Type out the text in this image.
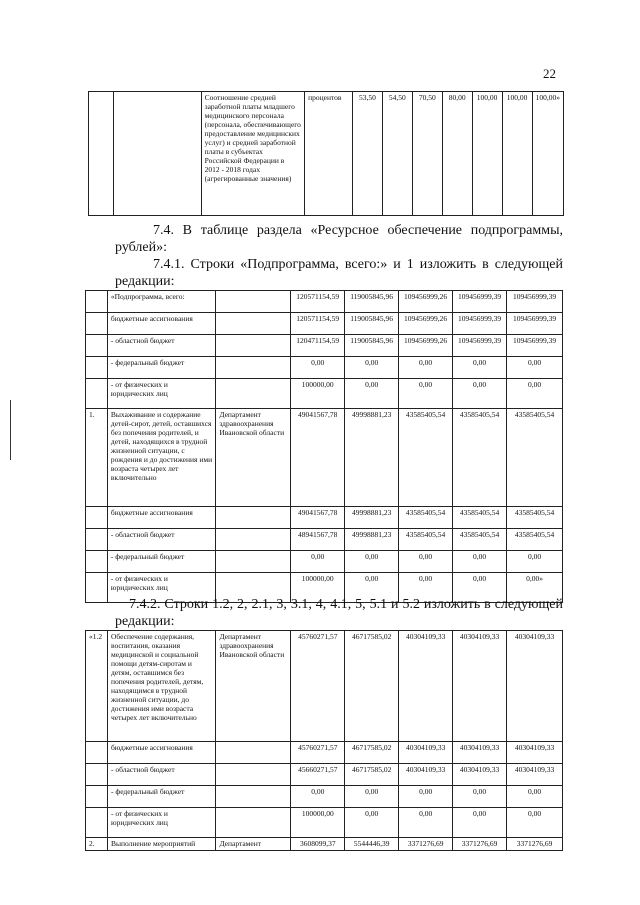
22
		Соотношение средней заработной платы младшего медицинского персонала (персонала, обеспечивающего предоставление медицинских услуг) и средней заработной платы в субъектах Российской Федерации в 2012 - 2018 годах (агрегированные значения)	процентов	53,50	54,50	70,50	80,00	100,00	100,00	100,00»
7.4. В таблице раздела «Ресурсное обеспечение подпрограммы, рублей»:
7.4.1. Строки «Подпрограмма, всего:» и 1 изложить в следующей редакции:
	«Подпрограмма, всего:		120571154,59	119005845,96	109456999,26	109456999,39	109456999,39
	бюджетные ассигнования		120571154,59	119005845,96	109456999,26	109456999,39	109456999,39
	- областной бюджет		120471154,59	119005845,96	109456999,26	109456999,39	109456999,39
	- федеральный бюджет		0,00	0,00	0,00	0,00	0,00
	- от физических и юридических лиц		100000,00	0,00	0,00	0,00	0,00
1.	Выхаживание и содержание детей-сирот, детей, оставшихся без попечения родителей, и детей, находящихся в трудной жизненной ситуации, с рождения и до достижения ими возраста четырех лет включительно	Департамент здравоохранения Ивановской области	49041567,78	49998881,23	43585405,54	43585405,54	43585405,54
	бюджетные ассигнования		49041567,78	49998881,23	43585405,54	43585405,54	43585405,54
	- областной бюджет		48941567,78	49998881,23	43585405,54	43585405,54	43585405,54
	- федеральный бюджет		0,00	0,00	0,00	0,00	0,00
	- от физических и юридических лиц		100000,00	0,00	0,00	0,00	0,00»
7.4.2. Строки 1.2, 2, 2.1, 3, 3.1, 4, 4.1, 5, 5.1 и 5.2 изложить в следующей редакции:
«1.2	Обеспечение содержания, воспитания, оказания медицинской и социальной помощи детям-сиротам и детям, оставшимся без попечения родителей, детям, находящимся в трудной жизненной ситуации, до достижения ими возраста четырех лет включительно	Департамент здравоохранения Ивановской области	45760271,57	46717585,02	40304109,33	40304109,33	40304109,33
	бюджетные ассигнования		45760271,57	46717585,02	40304109,33	40304109,33	40304109,33
	- областной бюджет		45660271,57	46717585,02	40304109,33	40304109,33	40304109,33
	- федеральный бюджет		0,00	0,00	0,00	0,00	0,00
	- от физических и юридических лиц		100000,00	0,00	0,00	0,00	0,00
2.	Выполнение мероприятий	Департамент	3608099,37	5544446,39	3371276,69	3371276,69	3371276,69
